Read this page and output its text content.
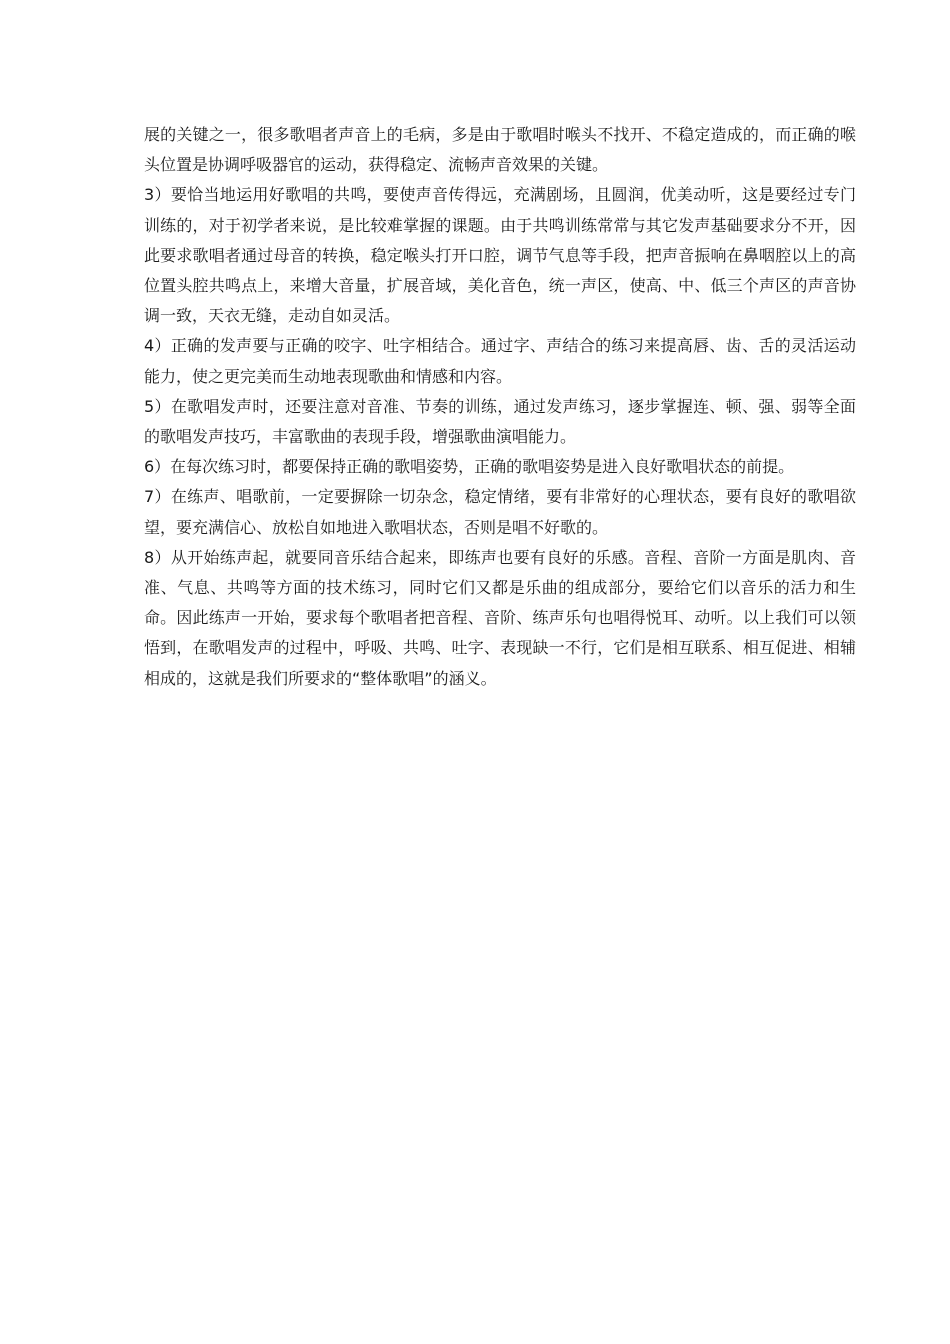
展的关键之一，很多歌唱者声音上的毛病，多是由于歌唱时喉头不找开、不稳定造成的，而正确的喉头位置是协调呼吸器官的运动，获得稳定、流畅声音效果的关键。

3）要恰当地运用好歌唱的共鸣，要使声音传得远，充满剧场，且圆润，优美动听，这是要经过专门训练的，对于初学者来说，是比较难掌握的课题。由于共鸣训练常常与其它发声基础要求分不开，因此要求歌唱者通过母音的转换，稳定喉头打开口腔，调节气息等手段，把声音振响在鼻咽腔以上的高位置头腔共鸣点上，来增大音量，扩展音域，美化音色，统一声区，使高、中、低三个声区的声音协调一致，天衣无缝，走动自如灵活。

4）正确的发声要与正确的咬字、吐字相结合。通过字、声结合的练习来提高唇、齿、舌的灵活运动能力，使之更完美而生动地表现歌曲和情感和内容。

5）在歌唱发声时，还要注意对音准、节奏的训练，通过发声练习，逐步掌握连、顿、强、弱等全面的歌唱发声技巧，丰富歌曲的表现手段，增强歌曲演唱能力。

6）在每次练习时，都要保持正确的歌唱姿势，正确的歌唱姿势是进入良好歌唱状态的前提。

7）在练声、唱歌前，一定要摒除一切杂念，稳定情绪，要有非常好的心理状态，要有良好的歌唱欲望，要充满信心、放松自如地进入歌唱状态，否则是唱不好歌的。

8）从开始练声起，就要同音乐结合起来，即练声也要有良好的乐感。音程、音阶一方面是肌肉、音准、气息、共鸣等方面的技术练习，同时它们又都是乐曲的组成部分，要给它们以音乐的活力和生命。因此练声一开始，要求每个歌唱者把音程、音阶、练声乐句也唱得悦耳、动听。以上我们可以领悟到，在歌唱发声的过程中，呼吸、共鸣、吐字、表现缺一不行，它们是相互联系、相互促进、相辅相成的，这就是我们所要求的“整体歌唱”的涵义。
